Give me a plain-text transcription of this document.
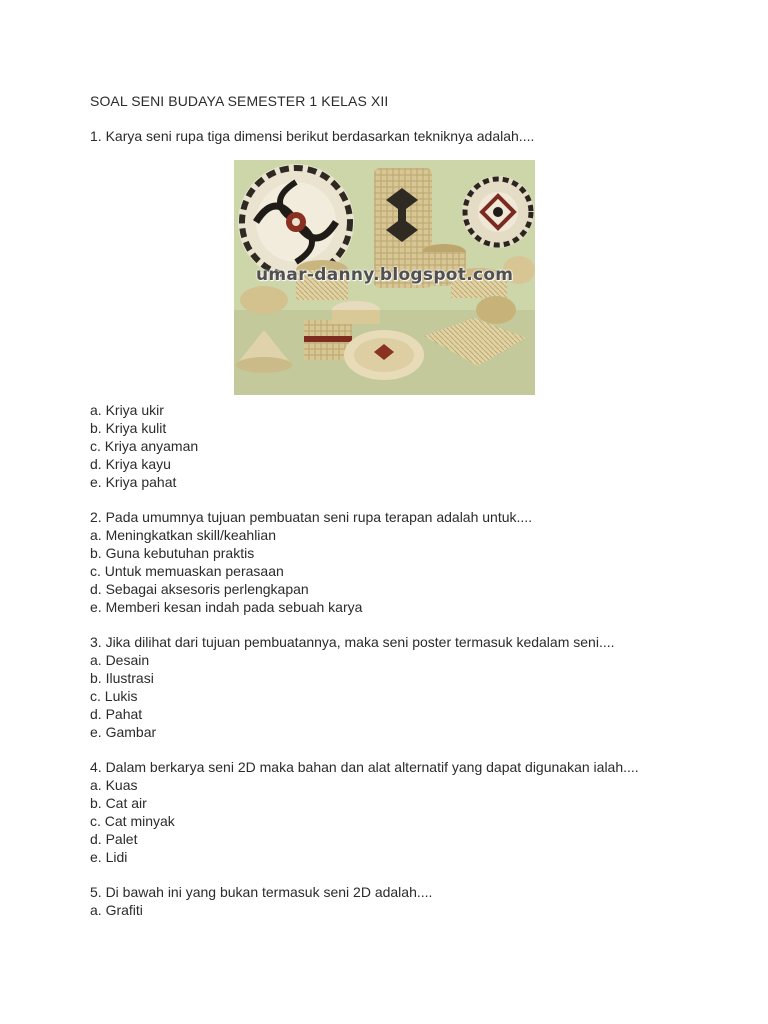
SOAL SENI BUDAYA SEMESTER 1 KELAS XII
1. Karya seni rupa tiga dimensi berikut berdasarkan tekniknya adalah....
umar-danny.blogspot.com
a. Kriya ukir
b. Kriya kulit
c. Kriya anyaman
d. Kriya kayu
e. Kriya pahat
2. Pada umumnya tujuan pembuatan seni rupa terapan adalah untuk....
a. Meningkatkan skill/keahlian
b. Guna kebutuhan praktis
c. Untuk memuaskan perasaan
d. Sebagai aksesoris perlengkapan
e. Memberi kesan indah pada sebuah karya
3. Jika dilihat dari tujuan pembuatannya, maka seni poster termasuk kedalam seni....
a. Desain
b. Ilustrasi
c. Lukis
d. Pahat
e. Gambar
4. Dalam berkarya seni 2D maka bahan dan alat alternatif yang dapat digunakan ialah....
a. Kuas
b. Cat air
c. Cat minyak
d. Palet
e. Lidi
5. Di bawah ini yang bukan termasuk seni 2D adalah....
a. Grafiti
